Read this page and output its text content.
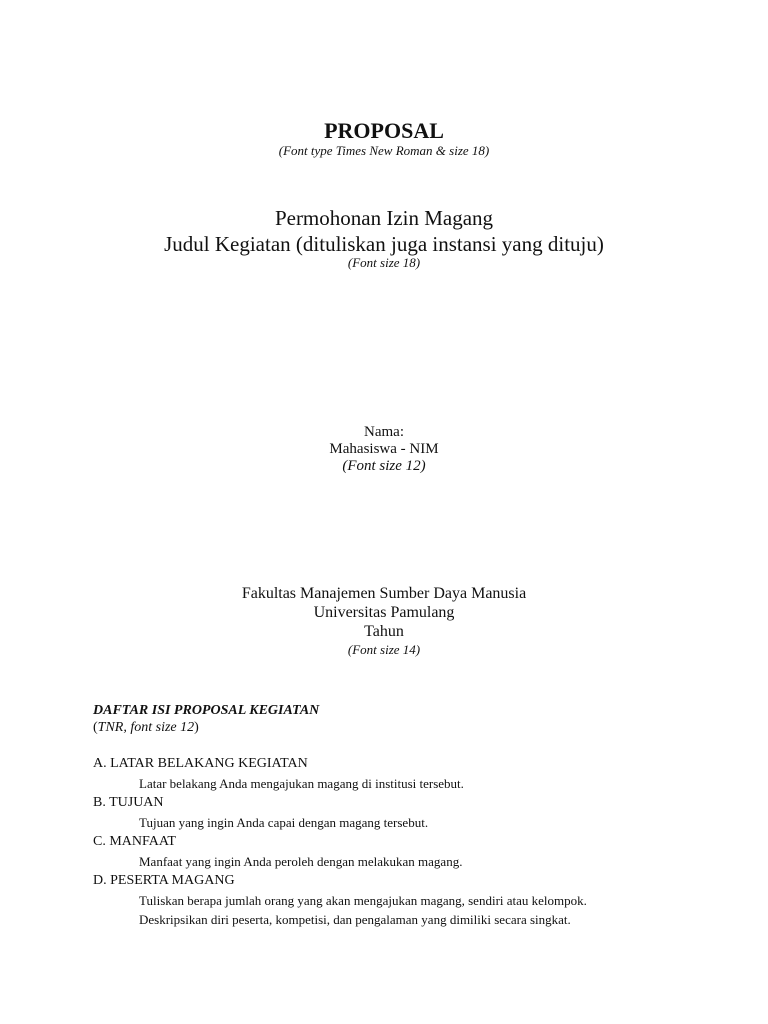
PROPOSAL
(Font type Times New Roman & size 18)
Permohonan Izin Magang
Judul Kegiatan (dituliskan juga instansi yang dituju)
(Font size 18)
Nama:
Mahasiswa - NIM
(Font size 12)
Fakultas Manajemen Sumber Daya Manusia
Universitas Pamulang
Tahun
(Font size 14)
DAFTAR ISI PROPOSAL KEGIATAN
(TNR, font size 12)
A. LATAR BELAKANG KEGIATAN
Latar belakang Anda mengajukan magang di institusi tersebut.
B. TUJUAN
Tujuan yang ingin Anda capai dengan magang tersebut.
C. MANFAAT
Manfaat yang ingin Anda peroleh dengan melakukan magang.
D. PESERTA MAGANG
Tuliskan berapa jumlah orang yang akan mengajukan magang, sendiri atau kelompok.
Deskripsikan diri peserta, kompetisi, dan pengalaman yang dimiliki secara singkat.
